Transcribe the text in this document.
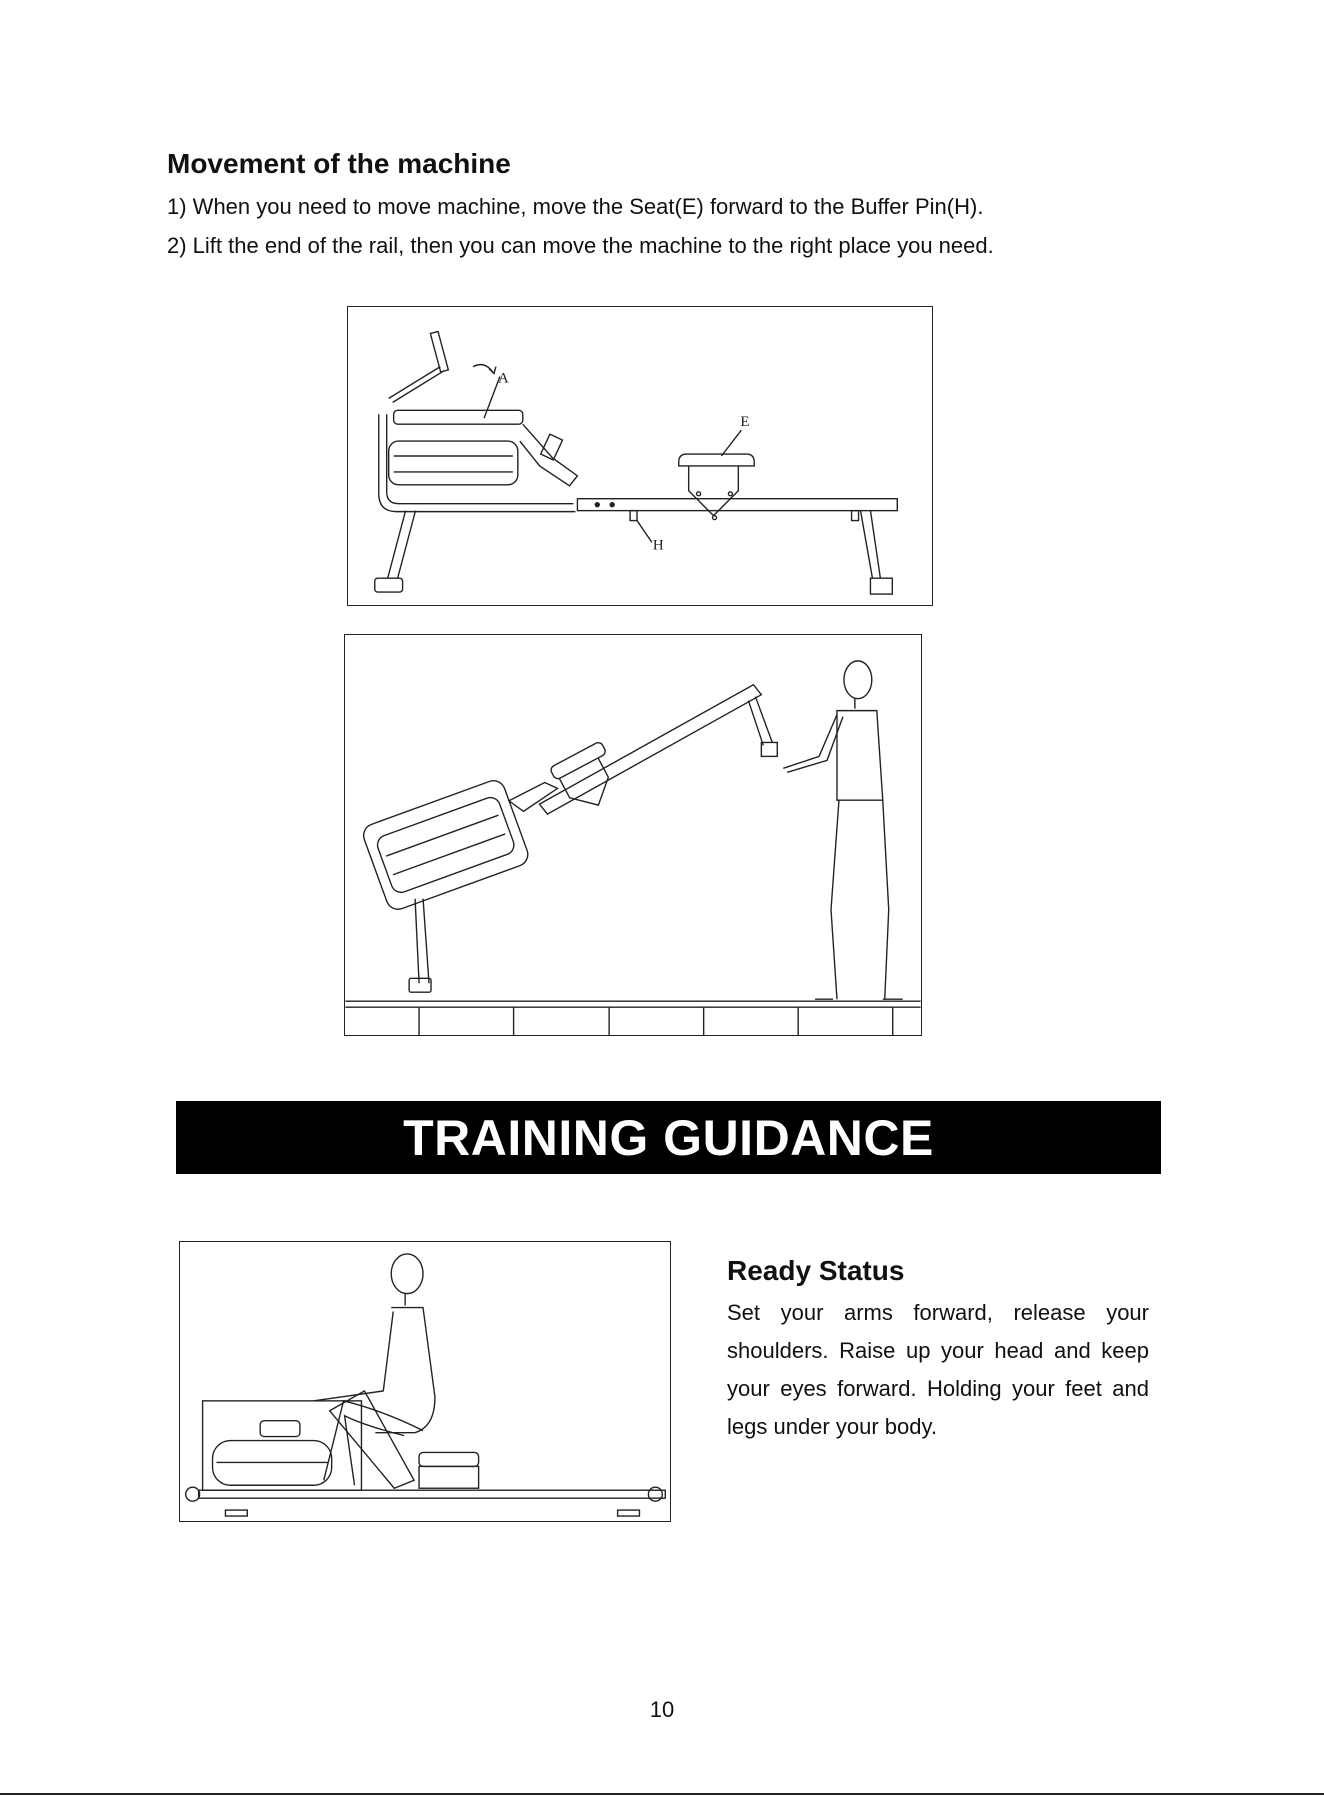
Movement of the machine

1) When you need to move machine, move the Seat(E) forward to the Buffer Pin(H).

2) Lift the end of the rail, then you can move the machine to the right place you need.

A
E
H
TRAINING GUIDANCE
Ready Status

Set your arms forward, release your shoulders. Raise up your head and keep your eyes forward. Holding your feet and legs under your body.

10
